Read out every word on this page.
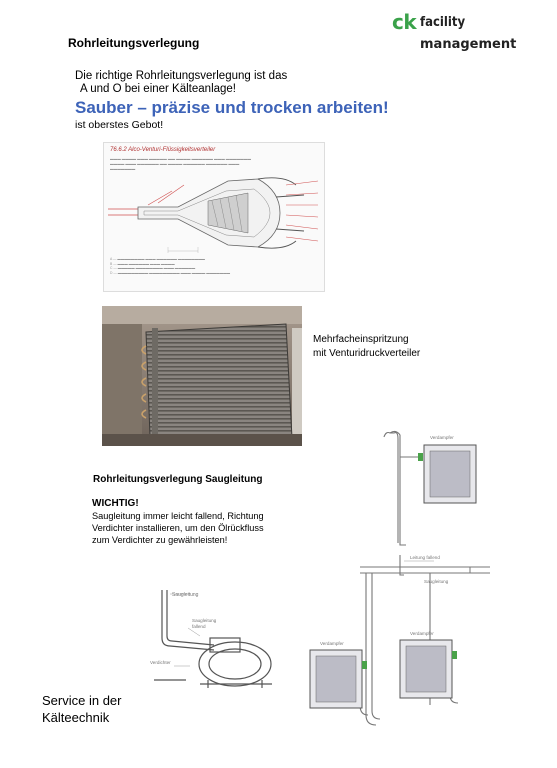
Rohrleitungsverlegung
ck facility
management
Die richtige Rohrleitungsverlegung ist das
A und O bei einer Kälteanlage!
Sauber – präzise und trocken arbeiten!
ist oberstes Gebot!
76.6.2 Alco-Venturi-Flüssigkeitsverteiler
▬▬▬ ▬▬▬▬ ▬▬▬ ▬▬▬▬▬ ▬▬ ▬▬▬▬ ▬▬▬▬▬▬ ▬▬▬ ▬▬▬▬▬▬▬
▬▬▬▬ ▬▬▬ ▬▬▬▬▬▬ ▬▬ ▬▬▬▬ ▬▬▬▬▬▬ ▬▬▬▬▬▬ ▬▬▬
▬▬▬▬▬▬▬
A — ▬▬▬▬▬▬▬▬ ▬▬▬ ▬▬▬▬▬▬ ▬▬▬▬▬▬▬▬
B — ▬▬▬ ▬▬▬▬▬▬ ▬▬▬ ▬▬▬▬
C — ▬▬▬▬▬ ▬▬▬▬▬▬▬▬ ▬▬▬ ▬▬▬▬▬▬
D — ▬▬▬▬▬▬▬▬▬ ▬▬▬▬▬▬▬▬▬ ▬▬▬ ▬▬▬▬ ▬▬▬▬▬▬▬
Mehrfacheinspritzung
mit Venturidruckverteiler
Rohrleitungsverlegung Saugleitung
WICHTIG!
Saugleitung immer leicht fallend, Richtung
Verdichter installieren, um den Ölrückfluss
zum Verdichter zu gewährleisten!
Saugleitung
Saugleitung
fallend
Verdichter
Verdampfer
Verdampfer
Verdampfer
Leitung fallend
Saugleitung
Service in der
Kälteechnik
